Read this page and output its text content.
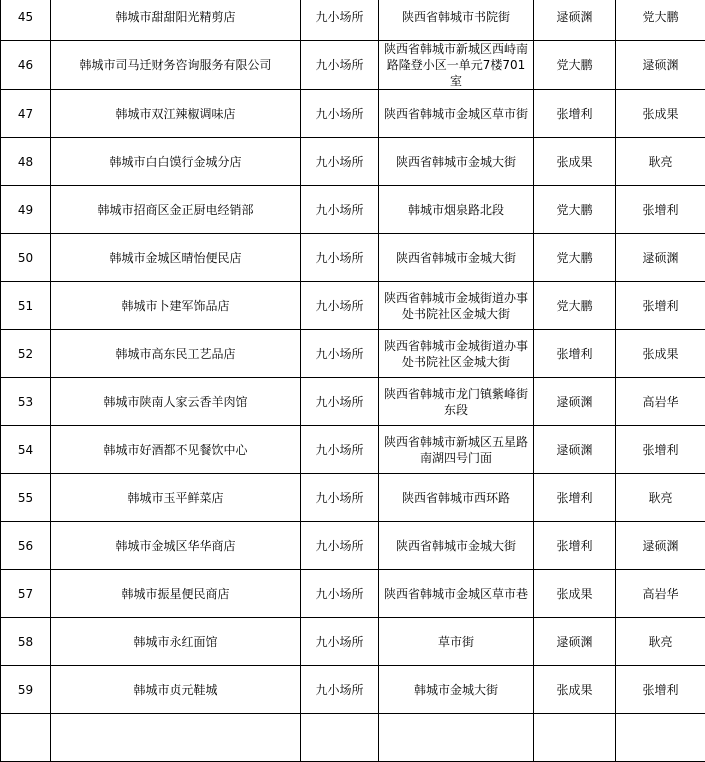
45	韩城市甜甜阳光精剪店	九小场所	陕西省韩城市书院街	逯硕渊	党大鹏
46	韩城市司马迁财务咨询服务有限公司	九小场所	陕西省韩城市新城区西峙南路隆登小区一单元7楼701室	党大鹏	逯硕渊
47	韩城市双江辣椒调味店	九小场所	陕西省韩城市金城区草市街	张增利	张成果
48	韩城市白白馍行金城分店	九小场所	陕西省韩城市金城大街	张成果	耿亮
49	韩城市招商区金正厨电经销部	九小场所	韩城市烟泉路北段	党大鹏	张增利
50	韩城市金城区晴怡便民店	九小场所	陕西省韩城市金城大街	党大鹏	逯硕渊
51	韩城市卜建军饰品店	九小场所	陕西省韩城市金城街道办事处书院社区金城大街	党大鹏	张增利
52	韩城市高东民工艺品店	九小场所	陕西省韩城市金城街道办事处书院社区金城大街	张增利	张成果
53	韩城市陕南人家云香羊肉馆	九小场所	陕西省韩城市龙门镇紫峰街东段	逯硕渊	高岩华
54	韩城市好酒都不见餐饮中心	九小场所	陕西省韩城市新城区五星路南湖四号门面	逯硕渊	张增利
55	韩城市玉平鲜菜店	九小场所	陕西省韩城市西环路	张增利	耿亮
56	韩城市金城区华华商店	九小场所	陕西省韩城市金城大街	张增利	逯硕渊
57	韩城市振星便民商店	九小场所	陕西省韩城市金城区草市巷	张成果	高岩华
58	韩城市永红面馆	九小场所	草市街	逯硕渊	耿亮
59	韩城市贞元鞋城	九小场所	韩城市金城大街	张成果	张增利
